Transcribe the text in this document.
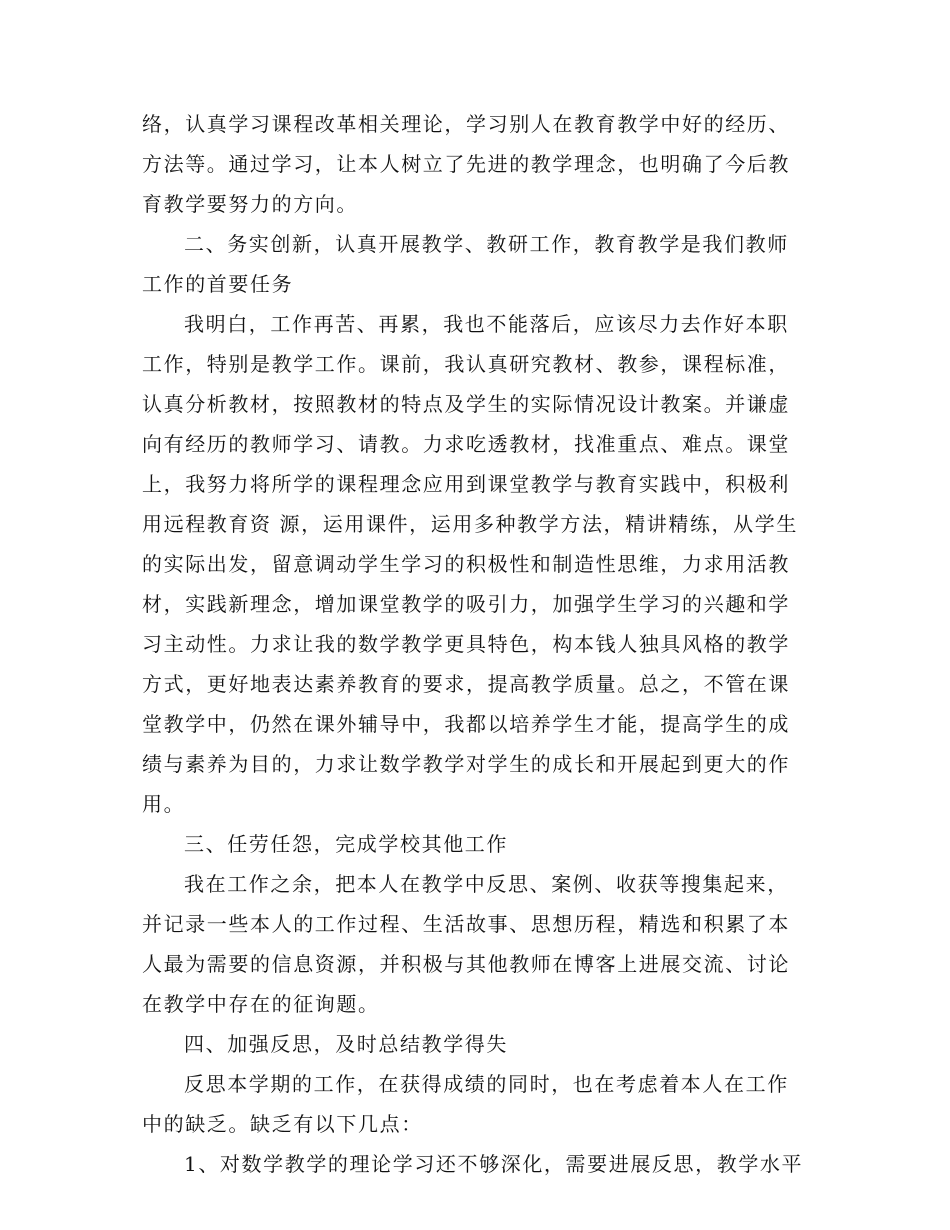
络，认真学习课程改革相关理论，学习别人在教育教学中好的经历、
方法等。通过学习，让本人树立了先进的教学理念，也明确了今后教
育教学要努力的方向。
二、务实创新，认真开展教学、教研工作，教育教学是我们教师
工作的首要任务
我明白，工作再苦、再累，我也不能落后，应该尽力去作好本职
工作，特别是教学工作。课前，我认真研究教材、教参，课程标准，
认真分析教材，按照教材的特点及学生的实际情况设计教案。并谦虚
向有经历的教师学习、请教。力求吃透教材，找准重点、难点。课堂
上，我努力将所学的课程理念应用到课堂教学与教育实践中，积极利
用远程教育资 源，运用课件，运用多种教学方法，精讲精练，从学生
的实际出发，留意调动学生学习的积极性和制造性思维，力求用活教
材，实践新理念，增加课堂教学的吸引力，加强学生学习的兴趣和学
习主动性。力求让我的数学教学更具特色，构本钱人独具风格的教学
方式，更好地表达素养教育的要求，提高教学质量。总之，不管在课
堂教学中，仍然在课外辅导中，我都以培养学生才能，提高学生的成
绩与素养为目的，力求让数学教学对学生的成长和开展起到更大的作
用。
三、任劳任怨，完成学校其他工作
我在工作之余，把本人在教学中反思、案例、收获等搜集起来，
并记录一些本人的工作过程、生活故事、思想历程，精选和积累了本
人最为需要的信息资源，并积极与其他教师在博客上进展交流、讨论
在教学中存在的征询题。
四、加强反思，及时总结教学得失
反思本学期的工作，在获得成绩的同时，也在考虑着本人在工作
中的缺乏。缺乏有以下几点：
1、对数学教学的理论学习还不够深化，需要进展反思，教学水平
